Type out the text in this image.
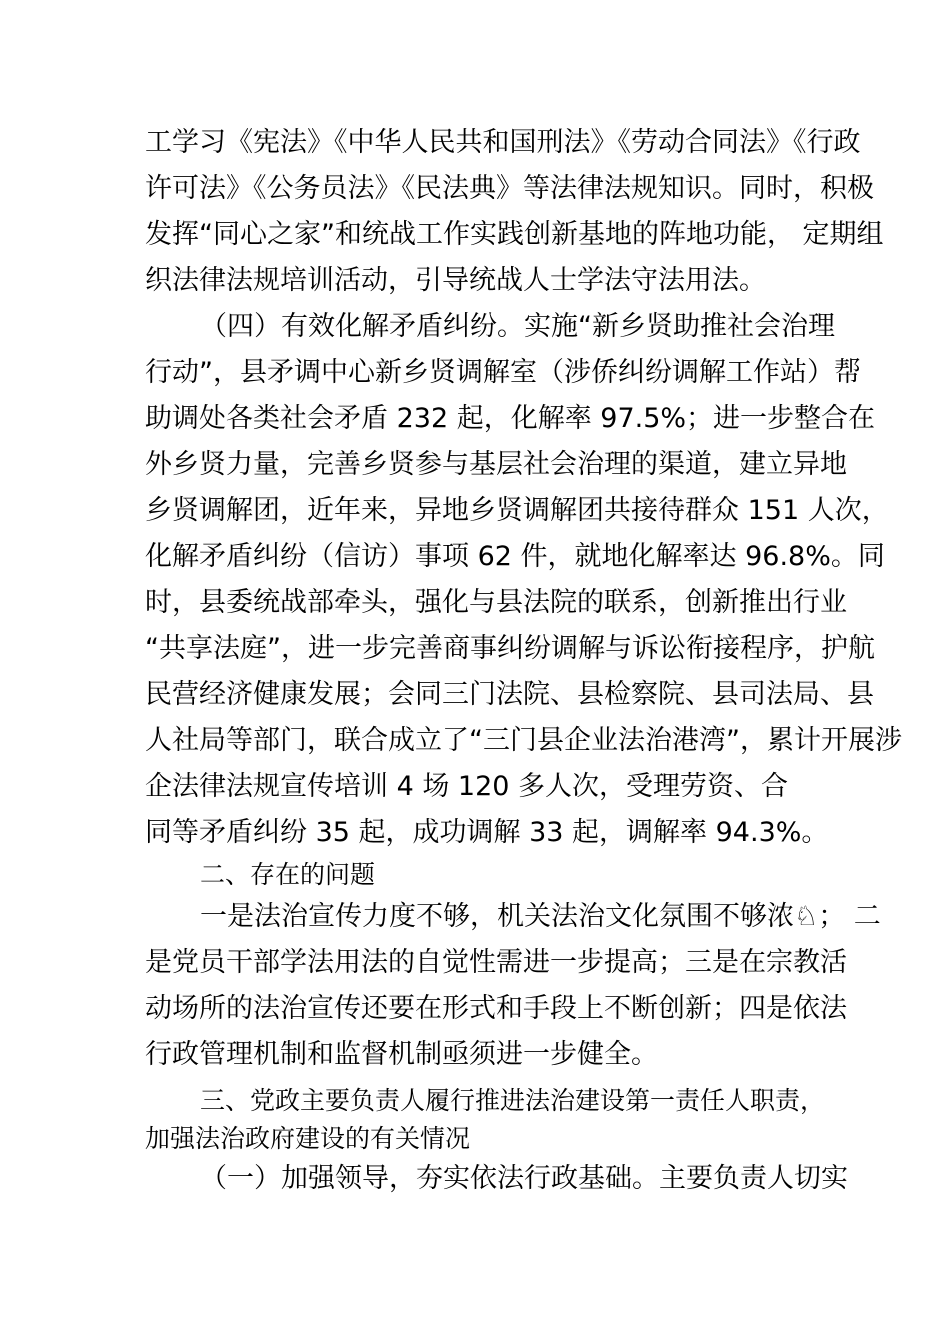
工学习《宪法》《中华人民共和国刑法》《劳动合同法》《行政
许可法》《公务员法》《民法典》等法律法规知识。同时，积极
发挥“同心之家”和统战工作实践创新基地的阵地功能， 定期组
织法律法规培训活动，引导统战人士学法守法用法。
（四）有效化解矛盾纠纷。实施“新乡贤助推社会治理
行动”，县矛调中心新乡贤调解室（涉侨纠纷调解工作站）帮
助调处各类社会矛盾 232 起，化解率 97.5%；进一步整合在
外乡贤力量，完善乡贤参与基层社会治理的渠道，建立异地
乡贤调解团，近年来，异地乡贤调解团共接待群众 151 人次，
化解矛盾纠纷（信访）事项 62 件，就地化解率达 96.8%。同
时，县委统战部牵头，强化与县法院的联系，创新推出行业
“共享法庭”，进一步完善商事纠纷调解与诉讼衔接程序，护航
民营经济健康发展；会同三门法院、县检察院、县司法局、县
人社局等部门，联合成立了“三门县企业法治港湾”，累计开展涉
企法律法规宣传培训 4 场 120 多人次，受理劳资、合
同等矛盾纠纷 35 起，成功调解 33 起，调解率 94.3%。
二、存在的问题
一是法治宣传力度不够，机关法治文化氛围不够浓♘； 二
是党员干部学法用法的自觉性需进一步提高；三是在宗教活
动场所的法治宣传还要在形式和手段上不断创新；四是依法
行政管理机制和监督机制亟须进一步健全。
三、党政主要负责人履行推进法治建设第一责任人职责，
加强法治政府建设的有关情况
（一）加强领导，夯实依法行政基础。主要负责人切实
